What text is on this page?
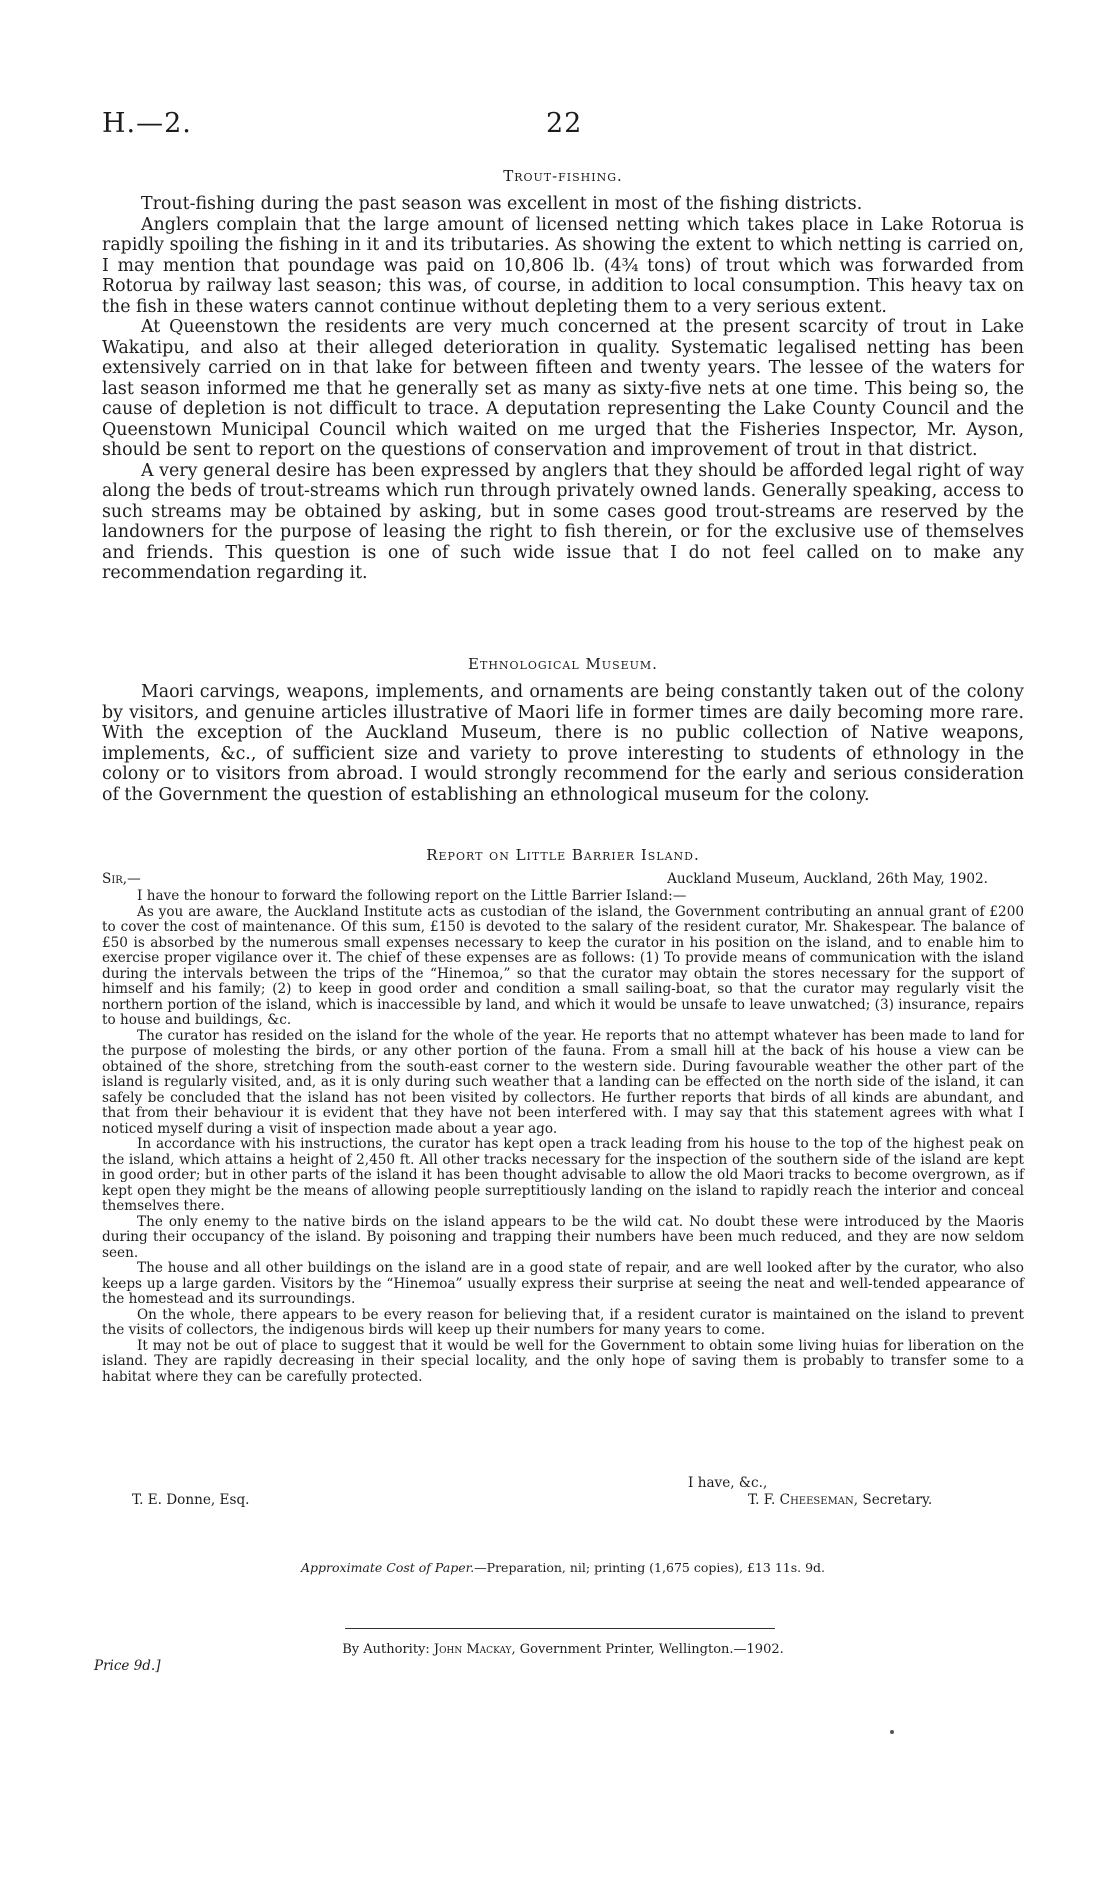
H.—2.	22
Trout-fishing.

Trout-fishing during the past season was excellent in most of the fishing districts.

Anglers complain that the large amount of licensed netting which takes place in Lake Rotorua is rapidly spoiling the fishing in it and its tributaries. As showing the extent to which netting is carried on, I may mention that poundage was paid on 10,806 lb. (4¾ tons) of trout which was forwarded from Rotorua by railway last season; this was, of course, in addition to local consumption. This heavy tax on the fish in these waters cannot continue without depleting them to a very serious extent.

At Queenstown the residents are very much concerned at the present scarcity of trout in Lake Wakatipu, and also at their alleged deterioration in quality. Systematic legalised netting has been extensively carried on in that lake for between fifteen and twenty years. The lessee of the waters for last season informed me that he generally set as many as sixty-five nets at one time. This being so, the cause of depletion is not difficult to trace. A deputation representing the Lake County Council and the Queenstown Municipal Council which waited on me urged that the Fisheries Inspector, Mr. Ayson, should be sent to report on the questions of conservation and improvement of trout in that district.

A very general desire has been expressed by anglers that they should be afforded legal right of way along the beds of trout-streams which run through privately owned lands. Generally speaking, access to such streams may be obtained by asking, but in some cases good trout-streams are reserved by the landowners for the purpose of leasing the right to fish therein, or for the exclusive use of themselves and friends. This question is one of such wide issue that I do not feel called on to make any recommendation regarding it.

Ethnological Museum.

Maori carvings, weapons, implements, and ornaments are being constantly taken out of the colony by visitors, and genuine articles illustrative of Maori life in former times are daily becoming more rare. With the exception of the Auckland Museum, there is no public collection of Native weapons, implements, &c., of sufficient size and variety to prove interesting to students of ethnology in the colony or to visitors from abroad. I would strongly recommend for the early and serious consideration of the Government the question of establishing an ethnological museum for the colony.

Report on Little Barrier Island.
Sir,—	Auckland Museum, Auckland, 26th May, 1902.

I have the honour to forward the following report on the Little Barrier Island:—

As you are aware, the Auckland Institute acts as custodian of the island, the Government contributing an annual grant of £200 to cover the cost of maintenance. Of this sum, £150 is devoted to the salary of the resident curator, Mr. Shakespear. The balance of £50 is absorbed by the numerous small expenses necessary to keep the curator in his position on the island, and to enable him to exercise proper vigilance over it. The chief of these expenses are as follows: (1) To provide means of communication with the island during the intervals between the trips of the “Hinemoa,” so that the curator may obtain the stores necessary for the support of himself and his family; (2) to keep in good order and condition a small sailing-boat, so that the curator may regularly visit the northern portion of the island, which is inaccessible by land, and which it would be unsafe to leave unwatched; (3) insurance, repairs to house and buildings, &c.

The curator has resided on the island for the whole of the year. He reports that no attempt whatever has been made to land for the purpose of molesting the birds, or any other portion of the fauna. From a small hill at the back of his house a view can be obtained of the shore, stretching from the south-east corner to the western side. During favourable weather the other part of the island is regularly visited, and, as it is only during such weather that a landing can be effected on the north side of the island, it can safely be concluded that the island has not been visited by collectors. He further reports that birds of all kinds are abundant, and that from their behaviour it is evident that they have not been interfered with. I may say that this statement agrees with what I noticed myself during a visit of inspection made about a year ago.

In accordance with his instructions, the curator has kept open a track leading from his house to the top of the highest peak on the island, which attains a height of 2,450 ft. All other tracks necessary for the inspection of the southern side of the island are kept in good order; but in other parts of the island it has been thought advisable to allow the old Maori tracks to become overgrown, as if kept open they might be the means of allowing people surreptitiously landing on the island to rapidly reach the interior and conceal themselves there.

The only enemy to the native birds on the island appears to be the wild cat. No doubt these were introduced by the Maoris during their occupancy of the island. By poisoning and trapping their numbers have been much reduced, and they are now seldom seen.

The house and all other buildings on the island are in a good state of repair, and are well looked after by the curator, who also keeps up a large garden. Visitors by the “Hinemoa” usually express their surprise at seeing the neat and well-tended appearance of the homestead and its surroundings.

On the whole, there appears to be every reason for believing that, if a resident curator is maintained on the island to prevent the visits of collectors, the indigenous birds will keep up their numbers for many years to come.

It may not be out of place to suggest that it would be well for the Government to obtain some living huias for liberation on the island. They are rapidly decreasing in their special locality, and the only hope of saving them is probably to transfer some to a habitat where they can be carefully protected.

I have, &c.,
T. E. Donne, Esq.	T. F. Cheeseman, Secretary.
Approximate Cost of Paper.—Preparation, nil; printing (1,675 copies), £13 11s. 9d.
By Authority: John Mackay, Government Printer, Wellington.—1902.
Price 9d.]
